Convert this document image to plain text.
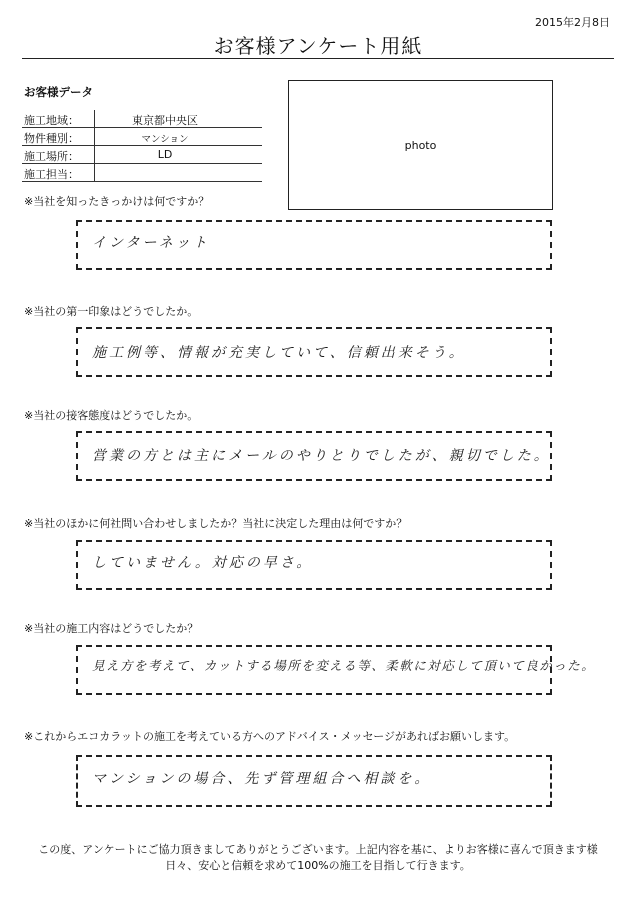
2015年2月8日
お客様アンケート用紙
お客様データ
施工地域：	東京都中央区
物件種別：	マンション
施工場所：	LD
施工担当：
photo
※当社を知ったきっかけは何ですか？
インターネット
※当社の第一印象はどうでしたか。
施工例等、情報が充実していて、信頼出来そう。
※当社の接客態度はどうでしたか。
営業の方とは主にメールのやりとりでしたが、親切でした。
※当社のほかに何社問い合わせしましたか？当社に決定した理由は何ですか？
していません。対応の早さ。
※当社の施工内容はどうでしたか？
見え方を考えて、カットする場所を変える等、柔軟に対応して頂いて良かった。
※これからエコカラットの施工を考えている方へのアドバイス・メッセージがあればお願いします。
マンションの場合、先ず管理組合へ相談を。
この度、アンケートにご協力頂きましてありがとうございます。上記内容を基に、よりお客様に喜んで頂きます様
日々、安心と信頼を求めて100%の施工を目指して行きます。
